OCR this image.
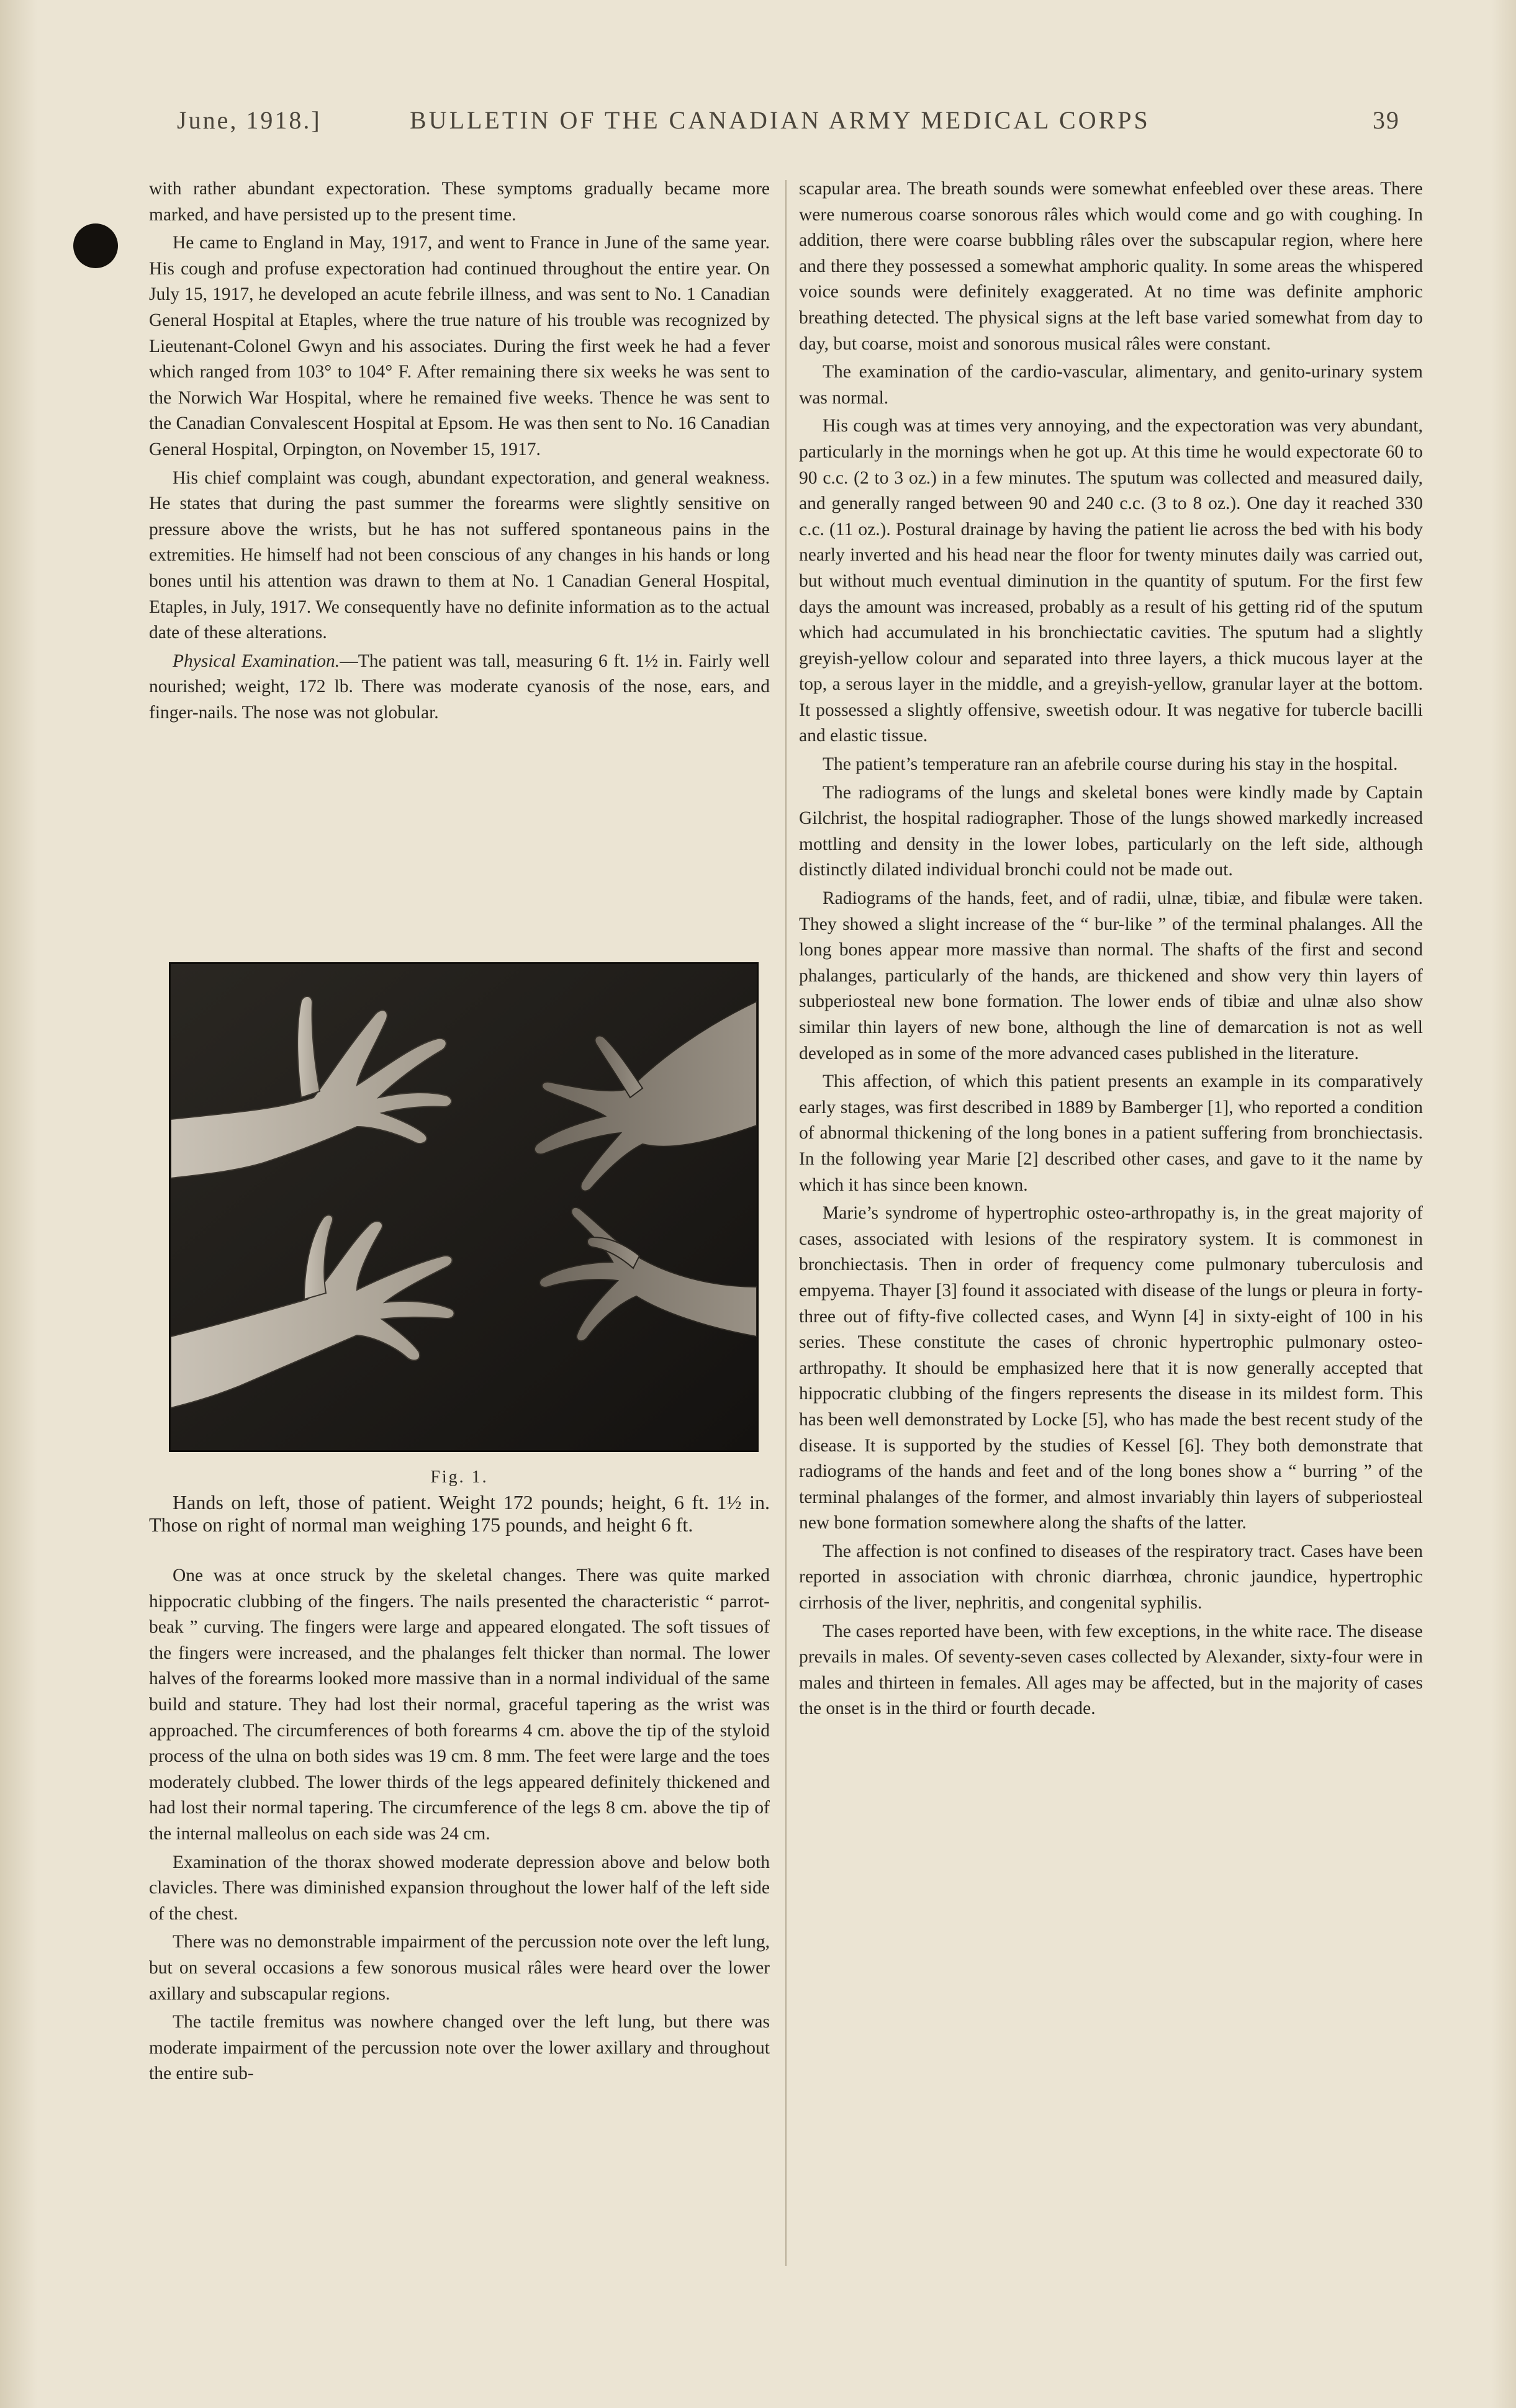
June, 1918.]	BULLETIN OF THE CANADIAN ARMY MEDICAL CORPS	39

with rather abundant expectoration. These symptoms gradually became more marked, and have persisted up to the present time.

He came to England in May, 1917, and went to France in June of the same year. His cough and profuse expectoration had continued throughout the entire year. On July 15, 1917, he developed an acute febrile illness, and was sent to No. 1 Canadian General Hospital at Etaples, where the true nature of his trouble was recognized by Lieutenant-Colonel Gwyn and his associates. During the first week he had a fever which ranged from 103° to 104° F. After remaining there six weeks he was sent to the Norwich War Hospital, where he remained five weeks. Thence he was sent to the Canadian Convalescent Hospital at Epsom. He was then sent to No. 16 Canadian General Hospital, Orpington, on November 15, 1917.

His chief complaint was cough, abundant expectoration, and general weakness. He states that during the past summer the forearms were slightly sensitive on pressure above the wrists, but he has not suffered spontaneous pains in the extremities. He himself had not been conscious of any changes in his hands or long bones until his attention was drawn to them at No. 1 Canadian General Hospital, Etaples, in July, 1917. We consequently have no definite information as to the actual date of these alterations.

Physical Examination.—The patient was tall, measuring 6 ft. 1½ in. Fairly well nourished; weight, 172 lb. There was moderate cyanosis of the nose, ears, and finger-nails. The nose was not globular.

Fig. 1.
Hands on left, those of patient. Weight 172 pounds; height, 6 ft. 1½ in. Those on right of normal man weighing 175 pounds, and height 6 ft.

One was at once struck by the skeletal changes. There was quite marked hippocratic clubbing of the fingers. The nails presented the characteristic “ parrot-beak ” curving. The fingers were large and appeared elongated. The soft tissues of the fingers were increased, and the phalanges felt thicker than normal. The lower halves of the forearms looked more massive than in a normal individual of the same build and stature. They had lost their normal, graceful tapering as the wrist was approached. The circumferences of both forearms 4 cm. above the tip of the styloid process of the ulna on both sides was 19 cm. 8 mm. The feet were large and the toes moderately clubbed. The lower thirds of the legs appeared definitely thickened and had lost their normal tapering. The circumference of the legs 8 cm. above the tip of the internal malleolus on each side was 24 cm.

Examination of the thorax showed moderate depression above and below both clavicles. There was diminished expansion throughout the lower half of the left side of the chest.

There was no demonstrable impairment of the percussion note over the left lung, but on several occasions a few sonorous musical râles were heard over the lower axillary and subscapular regions.

The tactile fremitus was nowhere changed over the left lung, but there was moderate impairment of the percussion note over the lower axillary and throughout the entire sub-

scapular area. The breath sounds were somewhat enfeebled over these areas. There were numerous coarse sonorous râles which would come and go with coughing. In addition, there were coarse bubbling râles over the subscapular region, where here and there they possessed a somewhat amphoric quality. In some areas the whispered voice sounds were definitely exaggerated. At no time was definite amphoric breathing detected. The physical signs at the left base varied somewhat from day to day, but coarse, moist and sonorous musical râles were constant.

The examination of the cardio-vascular, alimentary, and genito-urinary system was normal.

His cough was at times very annoying, and the expectoration was very abundant, particularly in the mornings when he got up. At this time he would expectorate 60 to 90 c.c. (2 to 3 oz.) in a few minutes. The sputum was collected and measured daily, and generally ranged between 90 and 240 c.c. (3 to 8 oz.). One day it reached 330 c.c. (11 oz.). Postural drainage by having the patient lie across the bed with his body nearly inverted and his head near the floor for twenty minutes daily was carried out, but without much eventual diminution in the quantity of sputum. For the first few days the amount was increased, probably as a result of his getting rid of the sputum which had accumulated in his bronchiectatic cavities. The sputum had a slightly greyish-yellow colour and separated into three layers, a thick mucous layer at the top, a serous layer in the middle, and a greyish-yellow, granular layer at the bottom. It possessed a slightly offensive, sweetish odour. It was negative for tubercle bacilli and elastic tissue.

The patient’s temperature ran an afebrile course during his stay in the hospital.

The radiograms of the lungs and skeletal bones were kindly made by Captain Gilchrist, the hospital radiographer. Those of the lungs showed markedly increased mottling and density in the lower lobes, particularly on the left side, although distinctly dilated individual bronchi could not be made out.

Radiograms of the hands, feet, and of radii, ulnæ, tibiæ, and fibulæ were taken. They showed a slight increase of the “ bur-like ” of the terminal phalanges. All the long bones appear more massive than normal. The shafts of the first and second phalanges, particularly of the hands, are thickened and show very thin layers of subperiosteal new bone formation. The lower ends of tibiæ and ulnæ also show similar thin layers of new bone, although the line of demarcation is not as well developed as in some of the more advanced cases published in the literature.

This affection, of which this patient presents an example in its comparatively early stages, was first described in 1889 by Bamberger [1], who reported a condition of abnormal thickening of the long bones in a patient suffering from bronchiectasis. In the following year Marie [2] described other cases, and gave to it the name by which it has since been known.

Marie’s syndrome of hypertrophic osteo-arthropathy is, in the great majority of cases, associated with lesions of the respiratory system. It is commonest in bronchiectasis. Then in order of frequency come pulmonary tuberculosis and empyema. Thayer [3] found it associated with disease of the lungs or pleura in forty-three out of fifty-five collected cases, and Wynn [4] in sixty-eight of 100 in his series. These constitute the cases of chronic hypertrophic pulmonary osteo-arthropathy. It should be emphasized here that it is now generally accepted that hippocratic clubbing of the fingers represents the disease in its mildest form. This has been well demonstrated by Locke [5], who has made the best recent study of the disease. It is supported by the studies of Kessel [6]. They both demonstrate that radiograms of the hands and feet and of the long bones show a “ burring ” of the terminal phalanges of the former, and almost invariably thin layers of subperiosteal new bone formation somewhere along the shafts of the latter.

The affection is not confined to diseases of the respiratory tract. Cases have been reported in association with chronic diarrhœa, chronic jaundice, hypertrophic cirrhosis of the liver, nephritis, and congenital syphilis.

The cases reported have been, with few exceptions, in the white race. The disease prevails in males. Of seventy-seven cases collected by Alexander, sixty-four were in males and thirteen in females. All ages may be affected, but in the majority of cases the onset is in the third or fourth decade.
